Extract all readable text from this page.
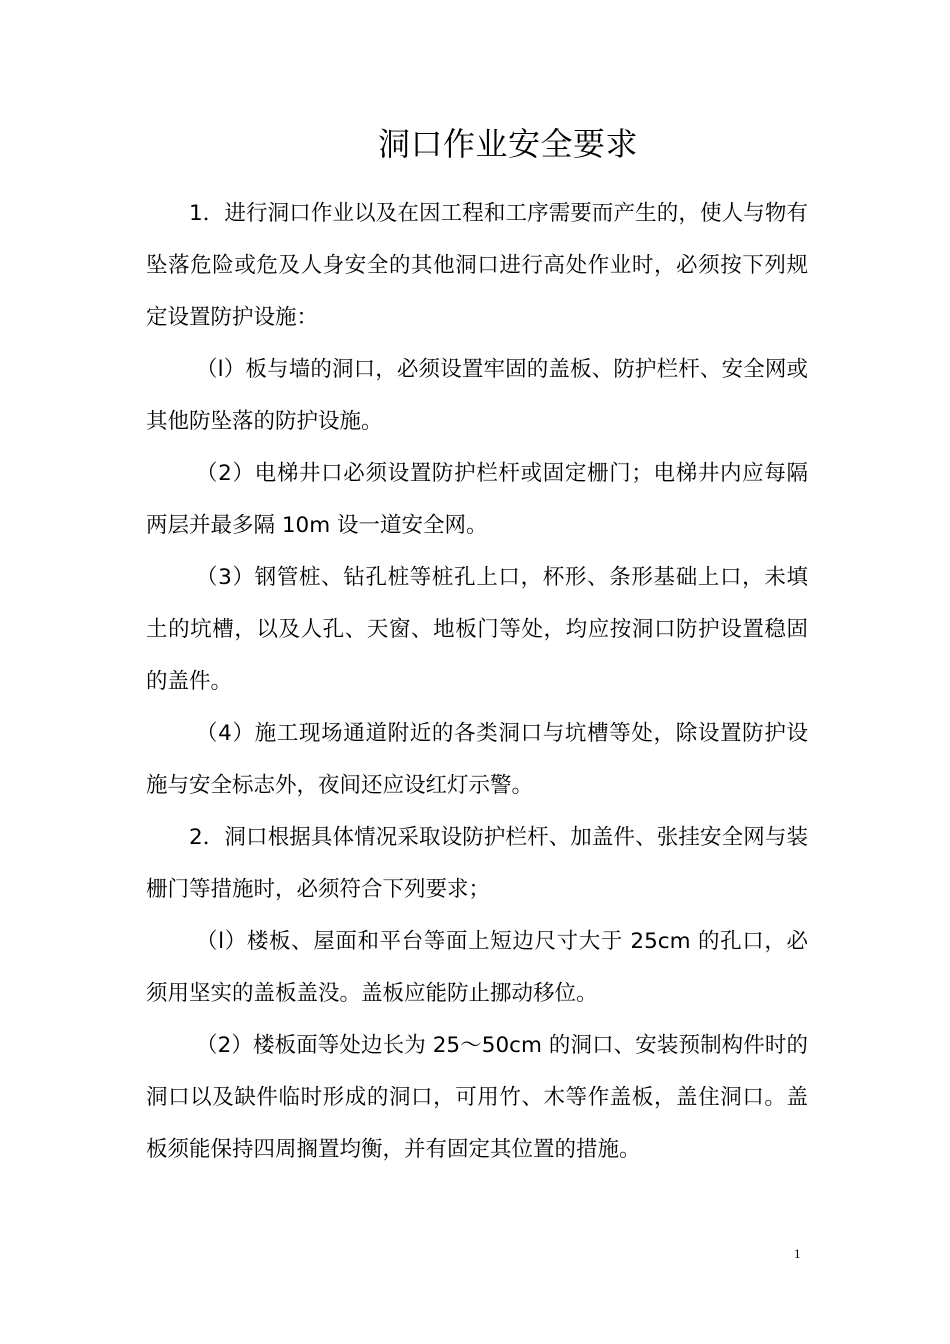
洞口作业安全要求

1．进行洞口作业以及在因工程和工序需要而产生的，使人与物有坠落危险或危及人身安全的其他洞口进行高处作业时，必须按下列规定设置防护设施：

（l）板与墙的洞口，必须设置牢固的盖板、防护栏杆、安全网或其他防坠落的防护设施。

（2）电梯井口必须设置防护栏杆或固定栅门；电梯井内应每隔两层并最多隔 10m 设一道安全网。

（3）钢管桩、钻孔桩等桩孔上口，杯形、条形基础上口，未填土的坑槽，以及人孔、天窗、地板门等处，均应按洞口防护设置稳固的盖件。

（4）施工现场通道附近的各类洞口与坑槽等处，除设置防护设施与安全标志外，夜间还应设红灯示警。

2．洞口根据具体情况采取设防护栏杆、加盖件、张挂安全网与装栅门等措施时，必须符合下列要求；

（l）楼板、屋面和平台等面上短边尺寸大于 25cm 的孔口，必须用坚实的盖板盖没。盖板应能防止挪动移位。

（2）楼板面等处边长为 25～50cm 的洞口、安装预制构件时的洞口以及缺件临时形成的洞口，可用竹、木等作盖板，盖住洞口。盖板须能保持四周搁置均衡，并有固定其位置的措施。

1
